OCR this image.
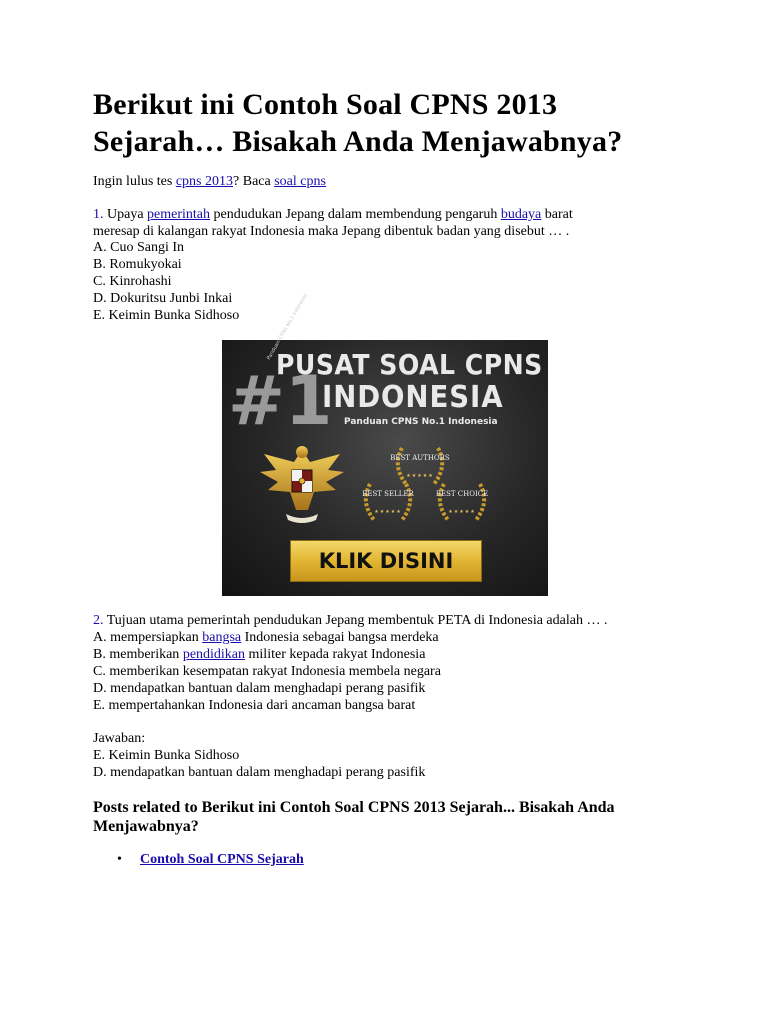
Berikut ini Contoh Soal CPNS 2013
Sejarah… Bisakah Anda Menjawabnya?
Ingin lulus tes cpns 2013? Baca soal cpns
1. Upaya pemerintah pendudukan Jepang dalam membendung pengaruh budaya barat
meresap di kalangan rakyat Indonesia maka Jepang dibentuk badan yang disebut … .
A. Cuo Sangi In
B. Romukyokai
C. Kinrohashi
D. Dokuritsu Junbi Inkai
E. Keimin Bunka Sidhoso
#1
Panduan CPNS No.1 Indonesia
PUSAT SOAL CPNS
INDONESIA
Panduan CPNS No.1 Indonesia
BEST AUTHORS
★★★★★
BEST SELLER
★★★★★
BEST CHOICE
★★★★★
KLIK DISINI
2. Tujuan utama pemerintah pendudukan Jepang membentuk PETA di Indonesia adalah … .
A. mempersiapkan bangsa Indonesia sebagai bangsa merdeka
B. memberikan pendidikan militer kepada rakyat Indonesia
C. memberikan kesempatan rakyat Indonesia membela negara
D. mendapatkan bantuan dalam menghadapi perang pasifik
E. mempertahankan Indonesia dari ancaman bangsa barat
Jawaban:
E. Keimin Bunka Sidhoso
D. mendapatkan bantuan dalam menghadapi perang pasifik
Posts related to Berikut ini Contoh Soal CPNS 2013 Sejarah... Bisakah Anda
Menjawabnya?
• Contoh Soal CPNS Sejarah
